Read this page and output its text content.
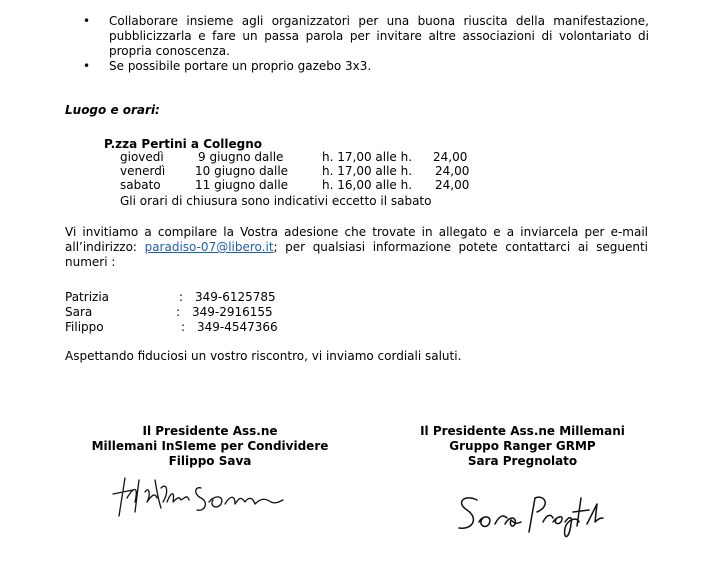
• Collaborare insieme agli organizzatori per una buona riuscita della manifestazione, pubblicizzarla e fare un passa parola per invitare altre associazioni di volontariato di propria conoscenza.
• Se possibile portare un proprio gazebo 3x3.
Luogo e orari:
P.zza Pertini a Collegno
giovedì	9 giugno dalle	h. 17,00 alle h. 24,00
venerdì 10 giugno dalle	h. 17,00 alle h. 24,00
sabato	11 giugno dalle	h. 16,00 alle h. 24,00
Gli orari di chiusura sono indicativi eccetto il sabato
Vi invitiamo a compilare la Vostra adesione che trovate in allegato e a inviarcela per e-mail all’indirizzo: paradiso-07@libero.it; per qualsiasi informazione potete contattarci ai seguenti numeri :
Patrizia	: 349-6125785
Sara	: 349-2916155
Filippo	: 349-4547366
Aspettando fiduciosi un vostro riscontro, vi inviamo cordiali saluti.
Il Presidente Ass.ne
Millemani InSIeme per Condividere
Filippo Sava
Il Presidente Ass.ne Millemani
Gruppo Ranger GRMP
Sara Pregnolato
